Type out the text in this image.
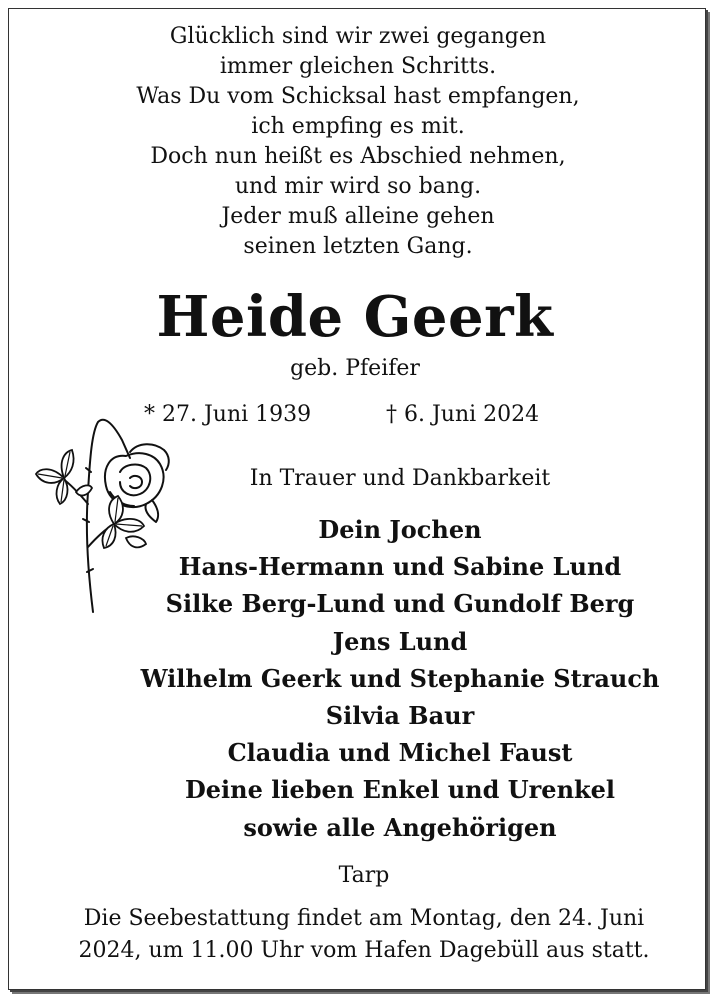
Glücklich sind wir zwei gegangen
immer gleichen Schritts.
Was Du vom Schicksal hast empfangen,
ich empfing es mit.
Doch nun heißt es Abschied nehmen,
und mir wird so bang.
Jeder muß alleine gehen
seinen letzten Gang.
Heide Geerk
geb. Pfeifer
* 27. Juni 1939	† 6. Juni 2024
In Trauer und Dankbarkeit
Dein Jochen
Hans-Hermann und Sabine Lund
Silke Berg-Lund und Gundolf Berg
Jens Lund
Wilhelm Geerk und Stephanie Strauch
Silvia Baur
Claudia und Michel Faust
Deine lieben Enkel und Urenkel
sowie alle Angehörigen
Tarp
Die Seebestattung findet am Montag, den 24. Juni
2024, um 11.00 Uhr vom Hafen Dagebüll aus statt.
